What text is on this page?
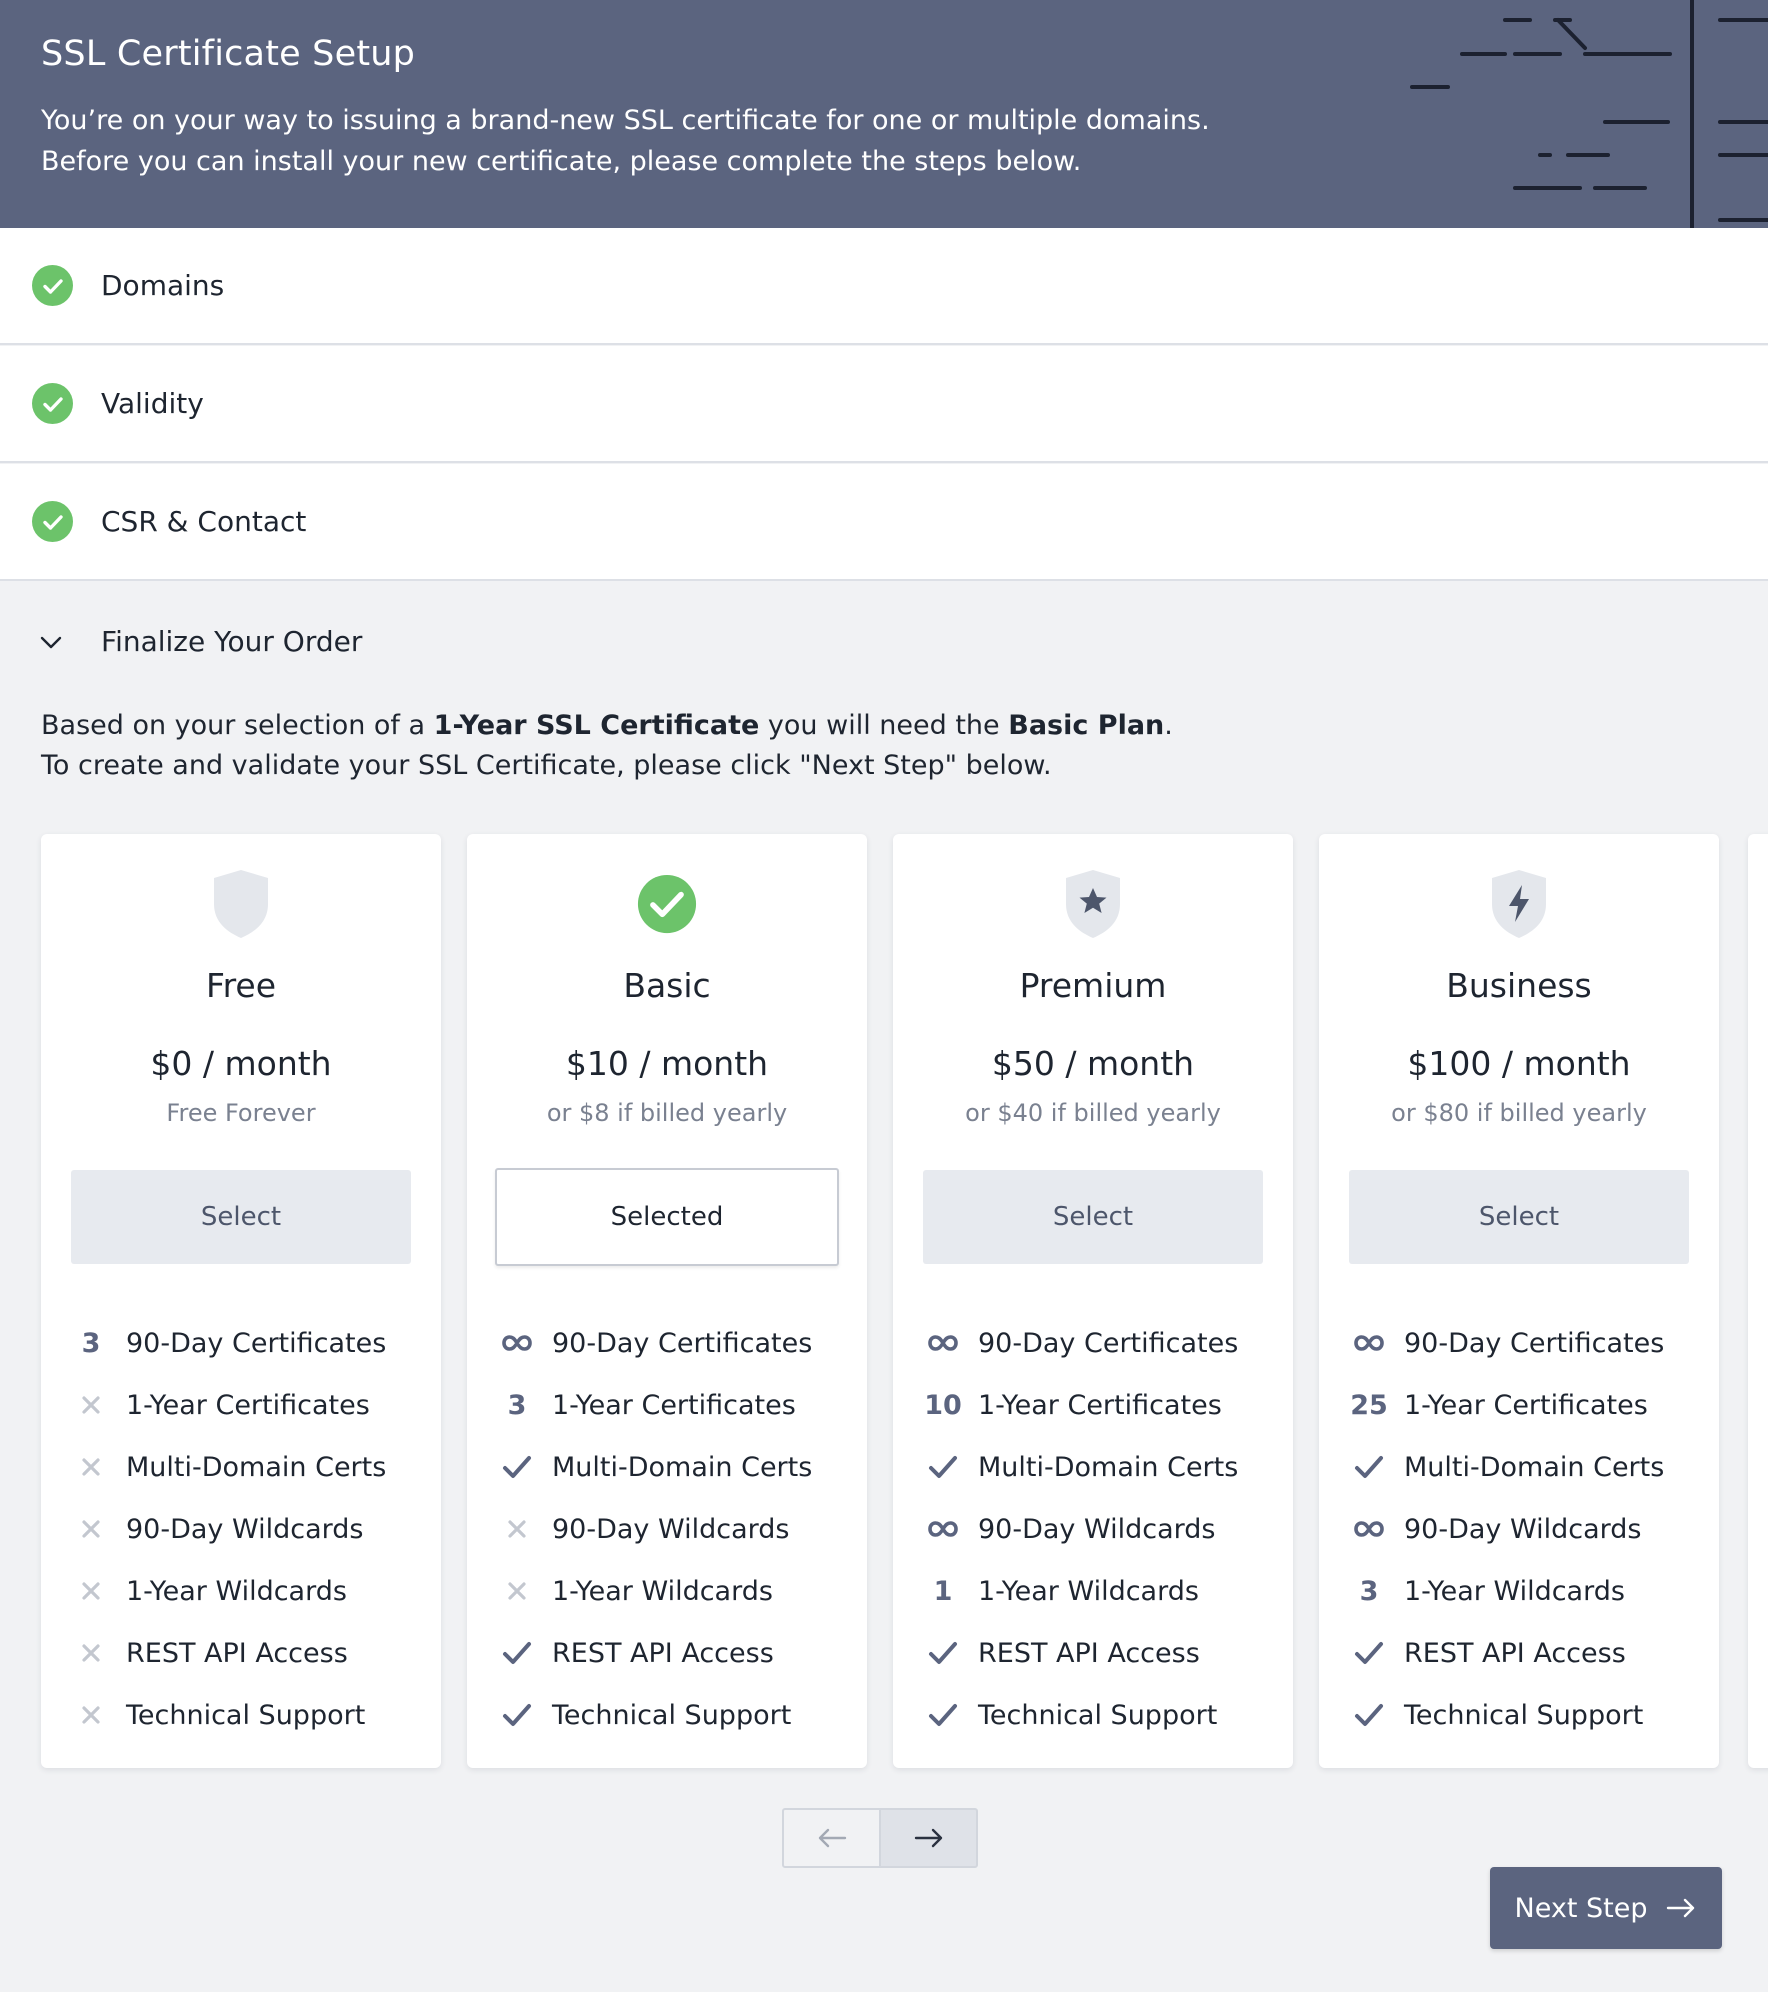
SSL Certificate Setup
You’re on your way to issuing a brand-new SSL certificate for one or multiple domains.
Before you can install your new certificate, please complete the steps below.
Domains
Validity
CSR & Contact
Finalize Your Order
Based on your selection of a 1-Year SSL Certificate you will need the Basic Plan.
To create and validate your SSL Certificate, please click "Next Step" below.
Free
$0 / month
Free Forever
Select
3 90-Day Certificates
1-Year Certificates
Multi-Domain Certs
90-Day Wildcards
1-Year Wildcards
REST API Access
Technical Support
Basic
$10 / month
or $8 if billed yearly
Selected
90-Day Certificates
3 1-Year Certificates
Multi-Domain Certs
90-Day Wildcards
1-Year Wildcards
REST API Access
Technical Support
Premium
$50 / month
or $40 if billed yearly
Select
90-Day Certificates
10 1-Year Certificates
Multi-Domain Certs
90-Day Wildcards
1 1-Year Wildcards
REST API Access
Technical Support
Business
$100 / month
or $80 if billed yearly
Select
90-Day Certificates
25 1-Year Certificates
Multi-Domain Certs
90-Day Wildcards
3 1-Year Wildcards
REST API Access
Technical Support
Next Step
